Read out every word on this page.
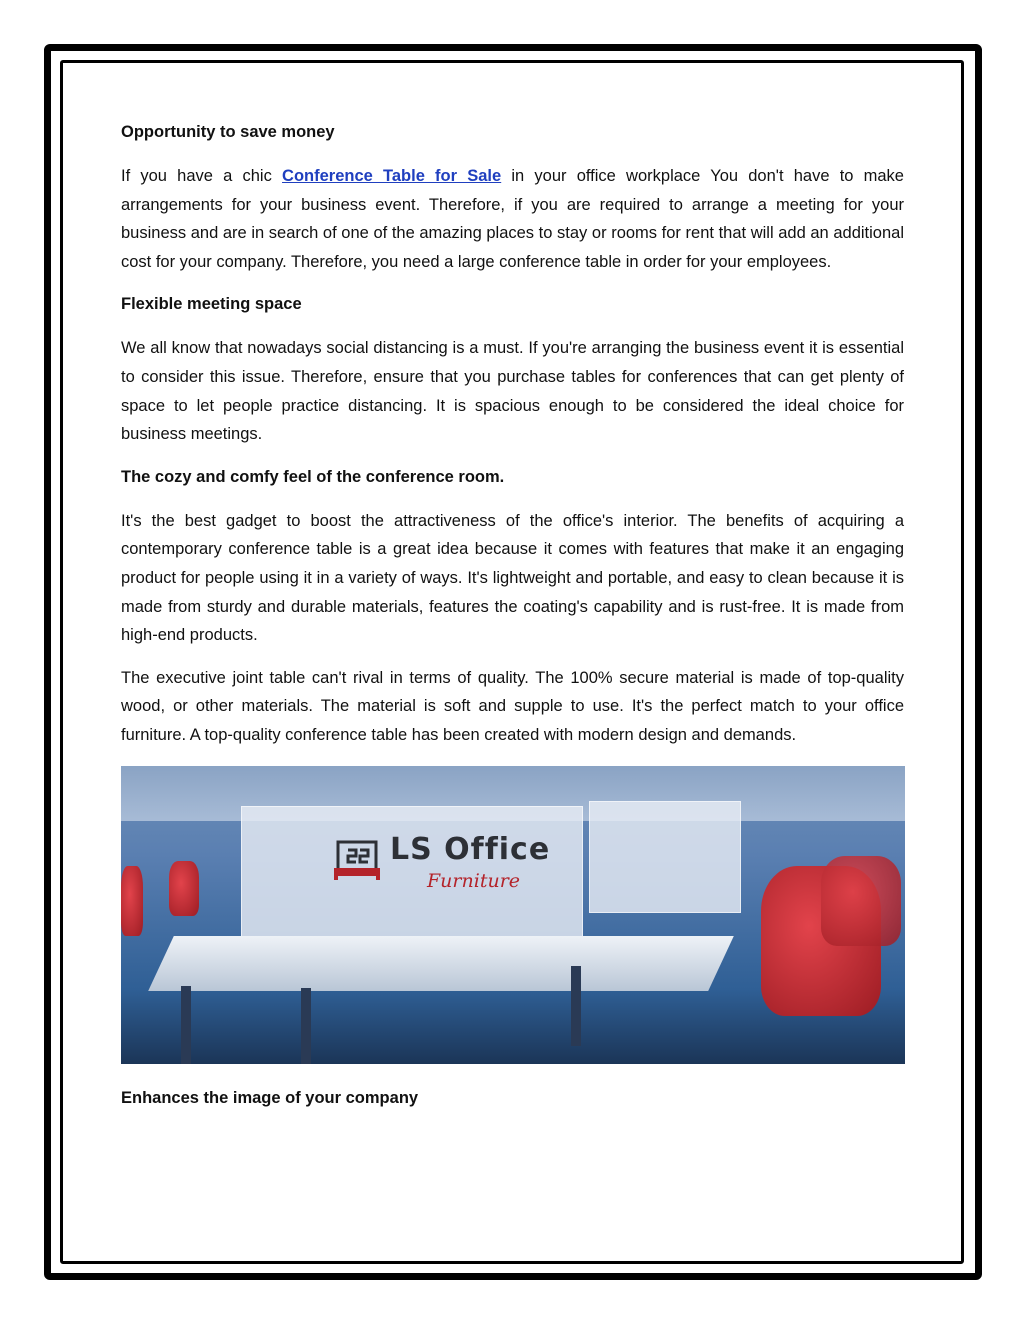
Opportunity to save money

If you have a chic Conference Table for Sale in your office workplace You don't have to make arrangements for your business event. Therefore, if you are required to arrange a meeting for your business and are in search of one of the amazing places to stay or rooms for rent that will add an additional cost for your company. Therefore, you need a large conference table in order for your employees.

Flexible meeting space

We all know that nowadays social distancing is a must. If you're arranging the business event it is essential to consider this issue. Therefore, ensure that you purchase tables for conferences that can get plenty of space to let people practice distancing. It is spacious enough to be considered the ideal choice for business meetings.

The cozy and comfy feel of the conference room.

It's the best gadget to boost the attractiveness of the office's interior. The benefits of acquiring a contemporary conference table is a great idea because it comes with features that make it an engaging product for people using it in a variety of ways. It's lightweight and portable, and easy to clean because it is made from sturdy and durable materials, features the coating's capability and is rust-free. It is made from high-end products.

The executive joint table can't rival in terms of quality. The 100% secure material is made of top-quality wood, or other materials. The material is soft and supple to use. It's the perfect match to your office furniture. A top-quality conference table has been created with modern design and demands.

LS Office
Furniture
Enhances the image of your company
